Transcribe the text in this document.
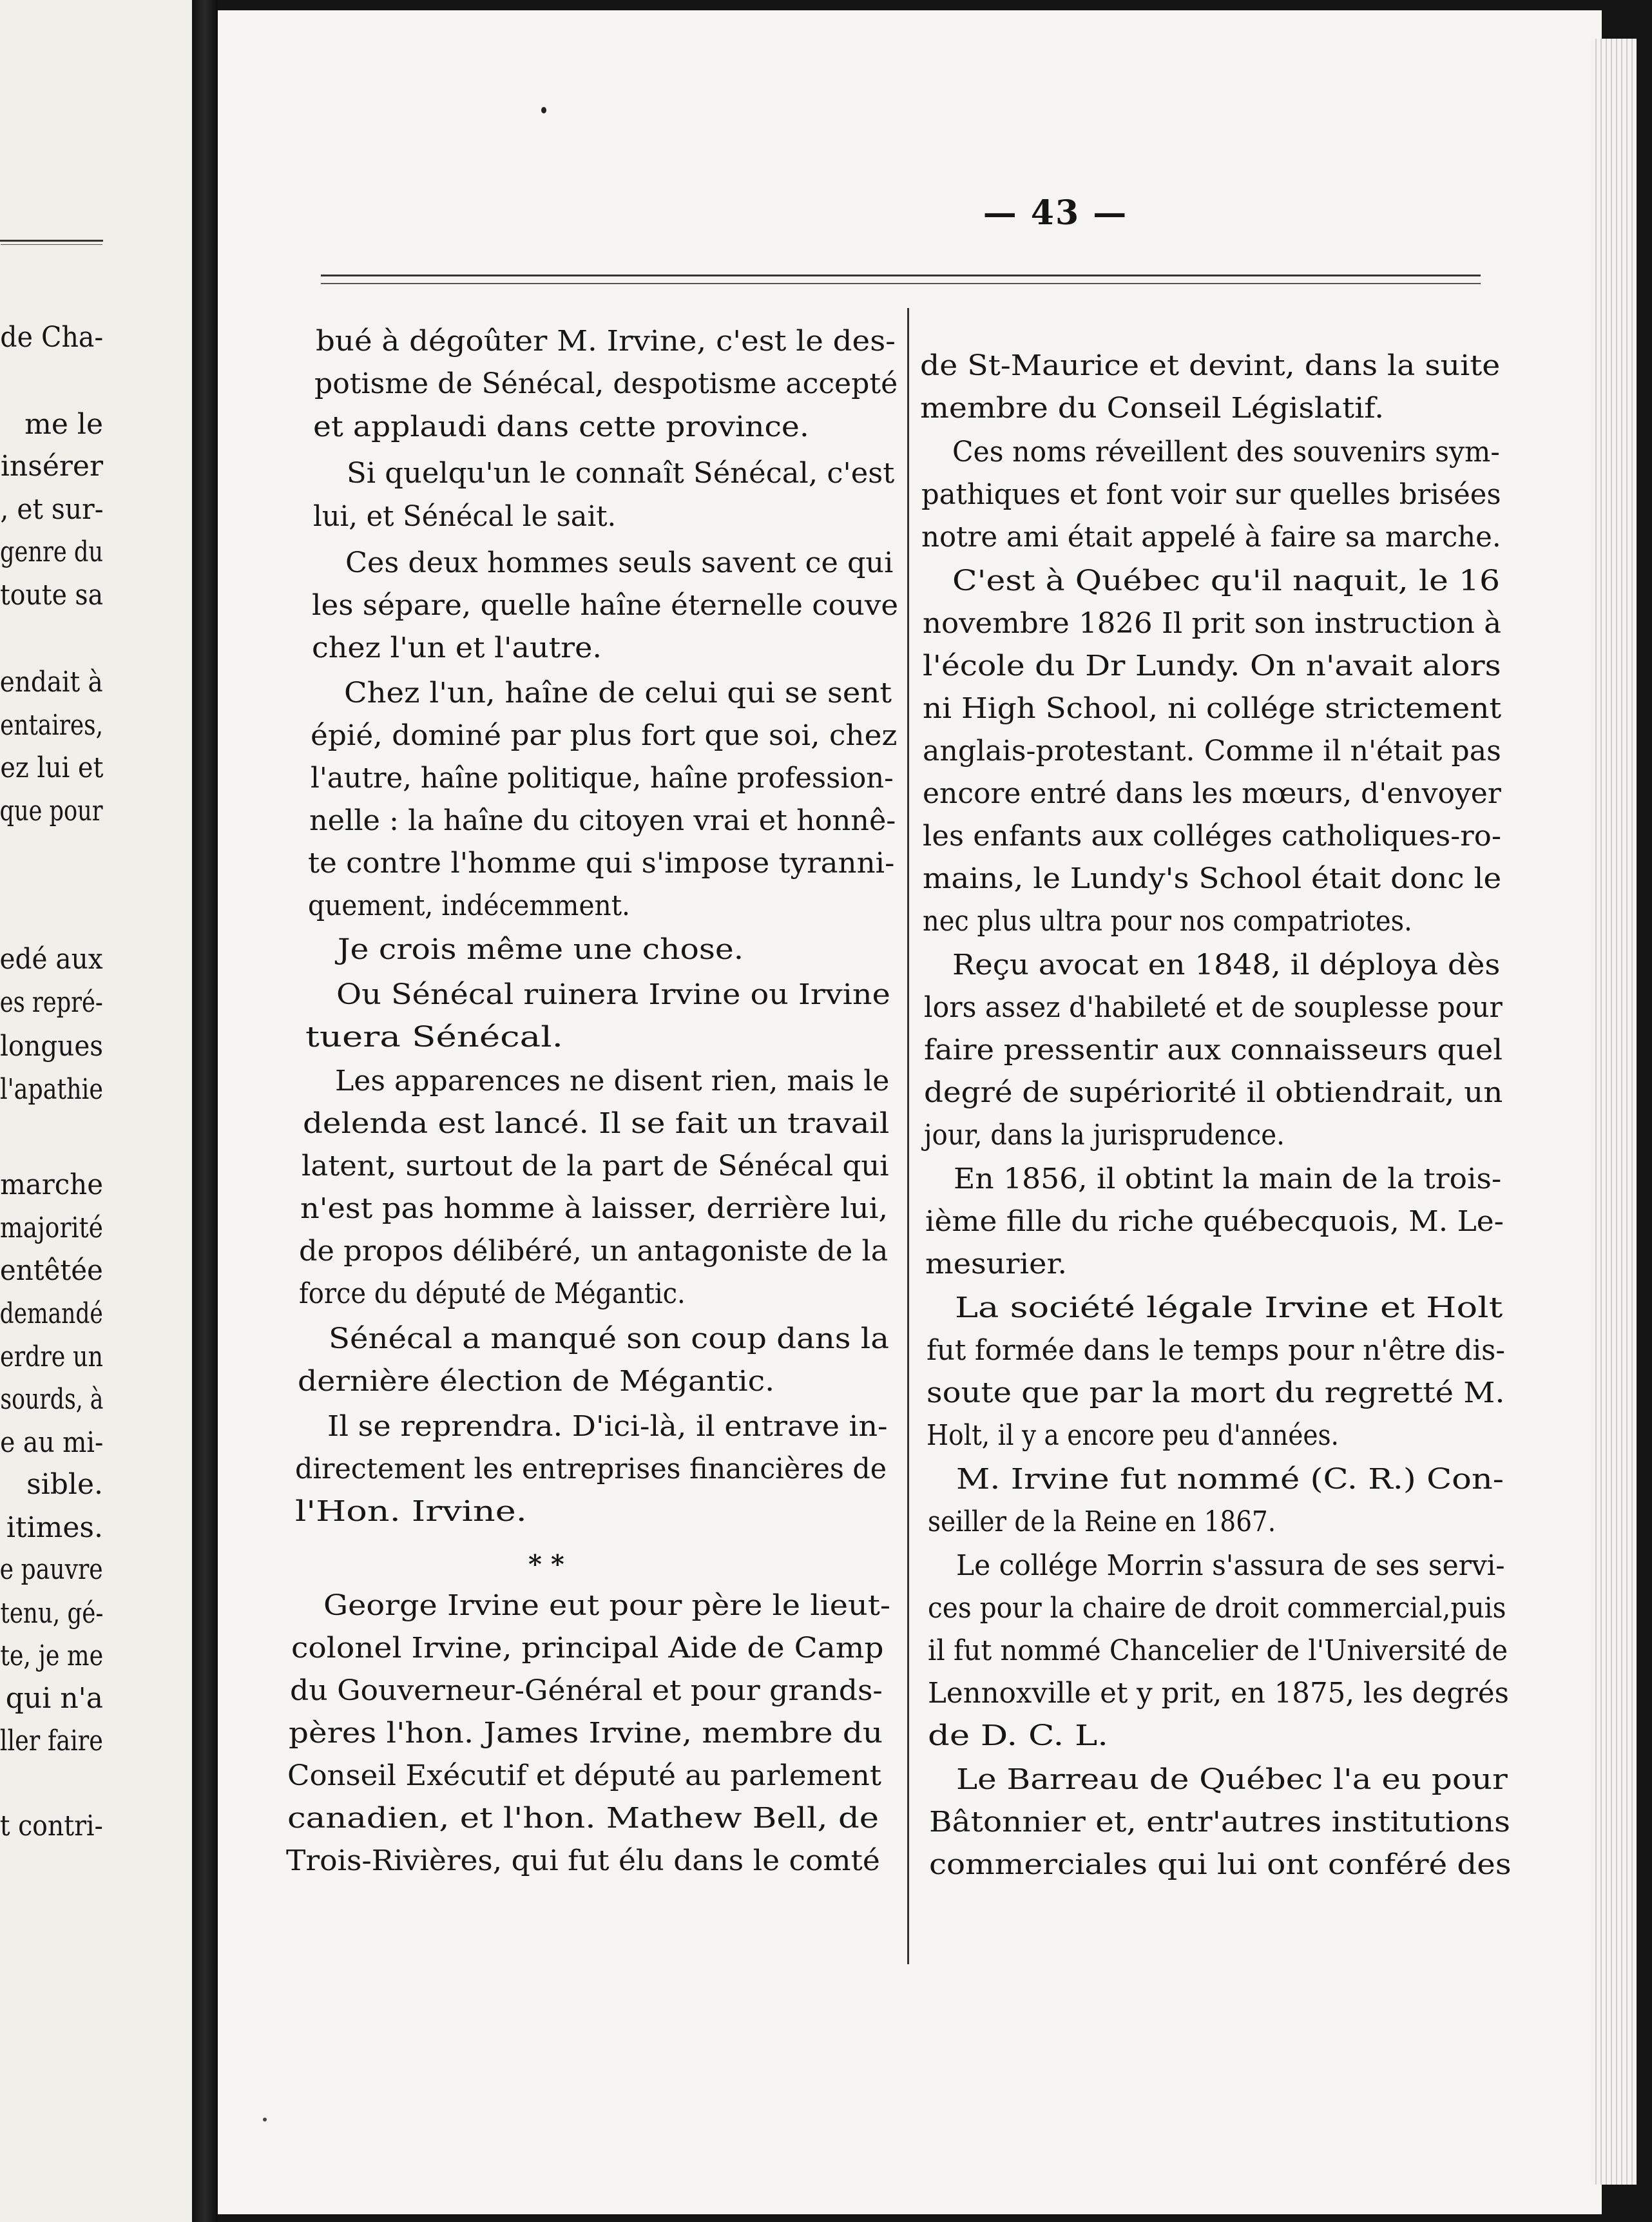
de Cha-
me le
insérer
, et sur-
genre du
toute sa
endait à
entaires,
ez lui et
que pour
edé aux
es repré-
longues
l'apathie
marche
majorité
entêtée
demandé
erdre un
sourds, à
e au mi-
sible.
itimes.
e pauvre
tenu, gé-
te, je me
qui n'a
ller faire
t contri-
— 43 —
bué à dégoûter M. Irvine, c'est le des-
potisme de Sénécal, despotisme accepté
et applaudi dans cette province.
Si quelqu'un le connaît Sénécal, c'est
lui, et Sénécal le sait.
Ces deux hommes seuls savent ce qui
les sépare, quelle haîne éternelle couve
chez l'un et l'autre.
Chez l'un, haîne de celui qui se sent
épié, dominé par plus fort que soi, chez
l'autre, haîne politique, haîne profession-
nelle : la haîne du citoyen vrai et honnê-
te contre l'homme qui s'impose tyranni-
quement, indécemment.
Je crois même une chose.
Ou Sénécal ruinera Irvine ou Irvine
tuera Sénécal.
Les apparences ne disent rien, mais le
delenda est lancé. Il se fait un travail
latent, surtout de la part de Sénécal qui
n'est pas homme à laisser, derrière lui,
de propos délibéré, un antagoniste de la
force du député de Mégantic.
Sénécal a manqué son coup dans la
dernière élection de Mégantic.
Il se reprendra. D'ici-là, il entrave in-
directement les entreprises financières de
l'Hon. Irvine.
George Irvine eut pour père le lieut-
colonel Irvine, principal Aide de Camp
du Gouverneur-Général et pour grands-
pères l'hon. James Irvine, membre du
Conseil Exécutif et député au parlement
canadien, et l'hon. Mathew Bell, de
Trois-Rivières, qui fut élu dans le comté
* *
de St-Maurice et devint, dans la suite
membre du Conseil Législatif.
Ces noms réveillent des souvenirs sym-
pathiques et font voir sur quelles brisées
notre ami était appelé à faire sa marche.
C'est à Québec qu'il naquit, le 16
novembre 1826 Il prit son instruction à
l'école du Dr Lundy. On n'avait alors
ni High School, ni collége strictement
anglais-protestant. Comme il n'était pas
encore entré dans les mœurs, d'envoyer
les enfants aux colléges catholiques-ro-
mains, le Lundy's School était donc le
nec plus ultra pour nos compatriotes.
Reçu avocat en 1848, il déploya dès
lors assez d'habileté et de souplesse pour
faire pressentir aux connaisseurs quel
degré de supériorité il obtiendrait, un
jour, dans la jurisprudence.
En 1856, il obtint la main de la trois-
ième fille du riche québecquois, M. Le-
mesurier.
La société légale Irvine et Holt
fut formée dans le temps pour n'être dis-
soute que par la mort du regretté M.
Holt, il y a encore peu d'années.
M. Irvine fut nommé (C. R.) Con-
seiller de la Reine en 1867.
Le collége Morrin s'assura de ses servi-
ces pour la chaire de droit commercial,puis
il fut nommé Chancelier de l'Université de
Lennoxville et y prit, en 1875, les degrés
de D. C. L.
Le Barreau de Québec l'a eu pour
Bâtonnier et, entr'autres institutions
commerciales qui lui ont conféré des
